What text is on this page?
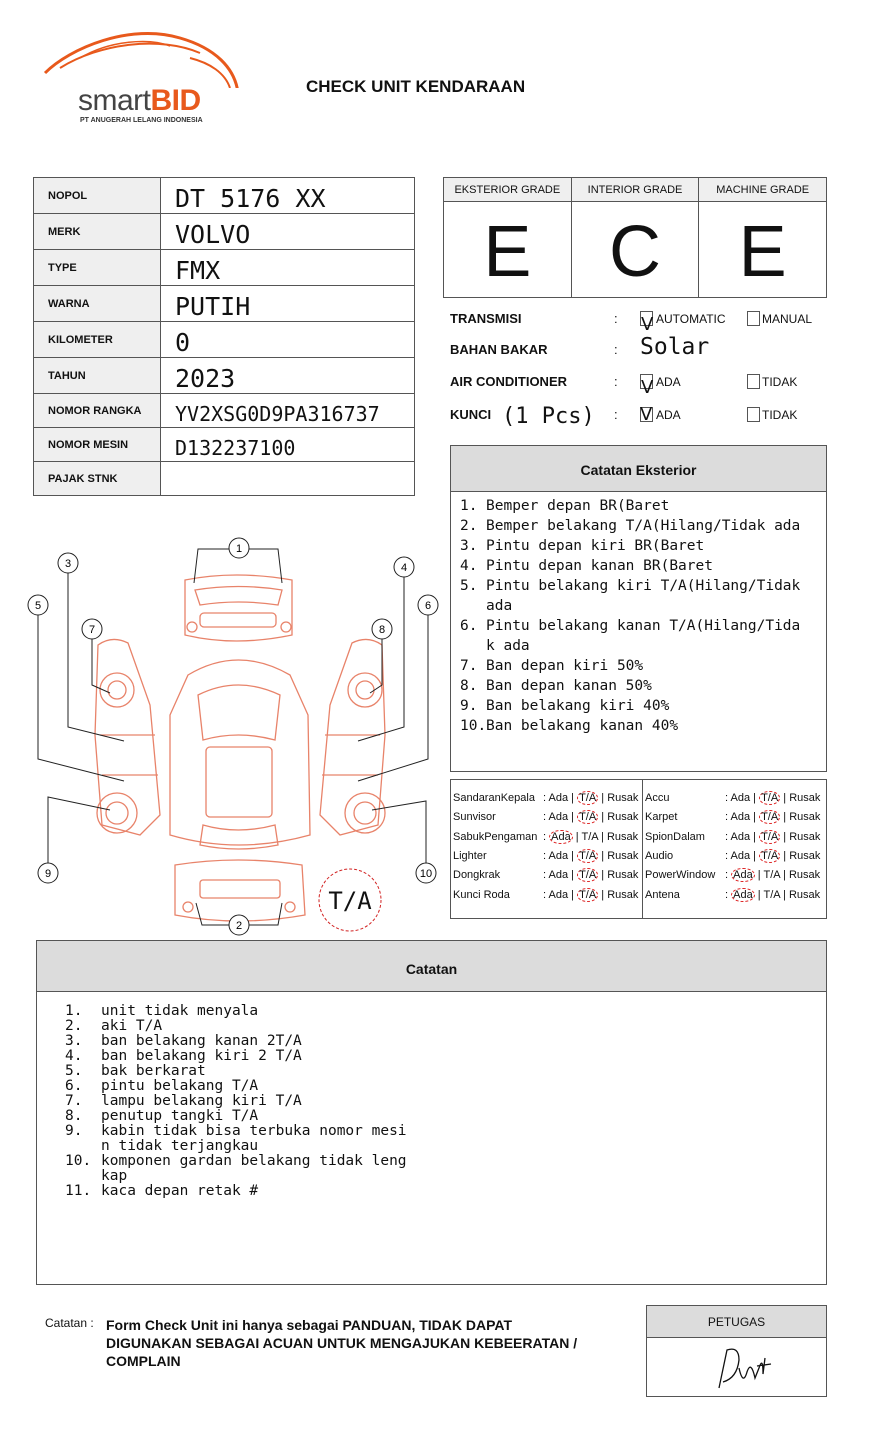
smartBID
PT ANUGERAH LELANG INDONESIA
CHECK UNIT KENDARAAN
NOPOL	DT 5176 XX
MERK	VOLVO
TYPE	FMX
WARNA	PUTIH
KILOMETER	0
TAHUN	2023
NOMOR RANGKA	YV2XSG0D9PA316737
NOMOR MESIN	D132237100
PAJAK STNK	
EKSTERIOR GRADE	INTERIOR GRADE	MACHINE GRADE
E	C	E
TRANSMISI	: V AUTOMATIC	MANUAL
BAHAN BAKAR	: Solar
AIR CONDITIONER	: V ADA	TIDAK
KUNCI (1 Pcs) : V ADA	TIDAK
Catatan Eksterior
1. Bemper depan BR(Baret
2. Bemper belakang T/A(Hilang/Tidak ada
3. Pintu depan kiri BR(Baret
4. Pintu depan kanan BR(Baret
5. Pintu belakang kiri T/A(Hilang/Tidak
ada
6. Pintu belakang kanan T/A(Hilang/Tida
k ada
7. Ban depan kiri 50%
8. Ban depan kanan 50%
9. Ban belakang kiri 40%
10. Ban belakang kanan 40%
SandaranKepala : Ada | T/A | Rusak
Sunvisor	: Ada | T/A | Rusak
SabukPengaman : Ada | T/A | Rusak
Lighter	: Ada | T/A | Rusak
Dongkrak	: Ada | T/A | Rusak
Kunci Roda	: Ada | T/A | Rusak
Accu	: Ada | T/A | Rusak
Karpet	: Ada | T/A | Rusak
SpionDalam : Ada | T/A | Rusak
Audio	: Ada | T/A | Rusak
PowerWindow : Ada | T/A | Rusak
Antena	: Ada | T/A | Rusak
1
2
3	4
5	6
7	8
9	10
T/A
Catatan
1.	unit tidak menyala
2.	aki T/A
3.	ban belakang kanan 2T/A
4.	ban belakang kiri 2 T/A
5.	bak berkarat
6.	pintu belakang T/A
7.	lampu belakang kiri T/A
8.	penutup tangki T/A
9.	kabin tidak bisa terbuka nomor mesi
n tidak terjangkau
10. komponen gardan belakang tidak leng
kap
11. kaca depan retak #
Catatan : Form Check Unit ini hanya sebagai PANDUAN, TIDAK DAPAT DIGUNAKAN SEBAGAI ACUAN UNTUK MENGAJUKAN KEBEERATAN / COMPLAIN
PETUGAS
